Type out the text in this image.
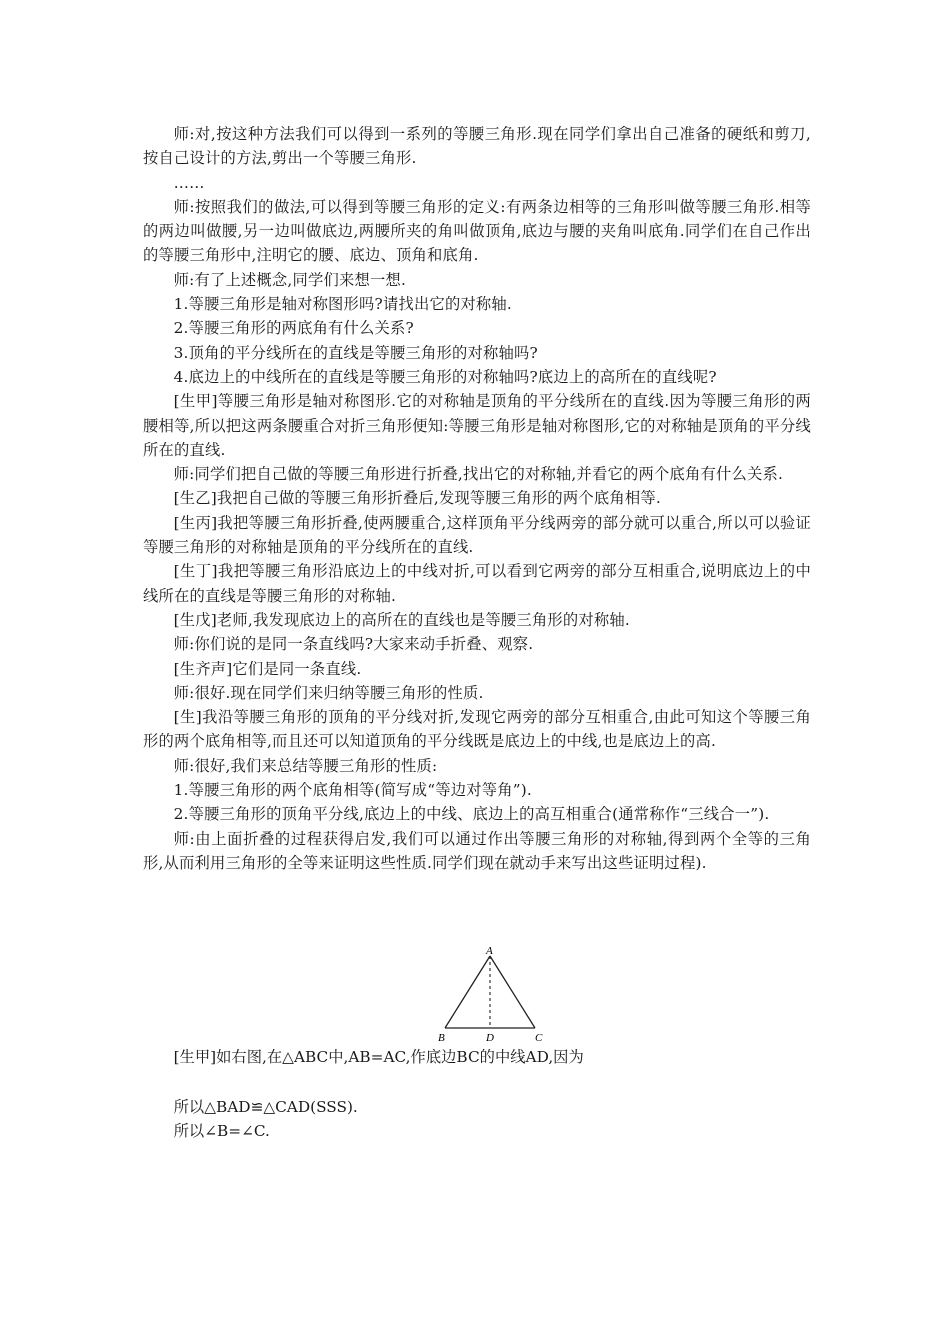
师:对,按这种方法我们可以得到一系列的等腰三角形.现在同学们拿出自己准备的硬纸和剪刀,按自己设计的方法,剪出一个等腰三角形.

……

师:按照我们的做法,可以得到等腰三角形的定义:有两条边相等的三角形叫做等腰三角形.相等的两边叫做腰,另一边叫做底边,两腰所夹的角叫做顶角,底边与腰的夹角叫底角.同学们在自己作出的等腰三角形中,注明它的腰、底边、顶角和底角.

师:有了上述概念,同学们来想一想.

1.等腰三角形是轴对称图形吗?请找出它的对称轴.

2.等腰三角形的两底角有什么关系?

3.顶角的平分线所在的直线是等腰三角形的对称轴吗?

4.底边上的中线所在的直线是等腰三角形的对称轴吗?底边上的高所在的直线呢?

[生甲]等腰三角形是轴对称图形.它的对称轴是顶角的平分线所在的直线.因为等腰三角形的两腰相等,所以把这两条腰重合对折三角形便知:等腰三角形是轴对称图形,它的对称轴是顶角的平分线所在的直线.

师:同学们把自己做的等腰三角形进行折叠,找出它的对称轴,并看它的两个底角有什么关系.

[生乙]我把自己做的等腰三角形折叠后,发现等腰三角形的两个底角相等.

[生丙]我把等腰三角形折叠,使两腰重合,这样顶角平分线两旁的部分就可以重合,所以可以验证等腰三角形的对称轴是顶角的平分线所在的直线.

[生丁]我把等腰三角形沿底边上的中线对折,可以看到它两旁的部分互相重合,说明底边上的中线所在的直线是等腰三角形的对称轴.

[生戊]老师,我发现底边上的高所在的直线也是等腰三角形的对称轴.

师:你们说的是同一条直线吗?大家来动手折叠、观察.

[生齐声]它们是同一条直线.

师:很好.现在同学们来归纳等腰三角形的性质.

[生]我沿等腰三角形的顶角的平分线对折,发现它两旁的部分互相重合,由此可知这个等腰三角形的两个底角相等,而且还可以知道顶角的平分线既是底边上的中线,也是底边上的高.

师:很好,我们来总结等腰三角形的性质:

1.等腰三角形的两个底角相等(简写成“等边对等角”).

2.等腰三角形的顶角平分线,底边上的中线、底边上的高互相重合(通常称作“三线合一”).

师:由上面折叠的过程获得启发,我们可以通过作出等腰三角形的对称轴,得到两个全等的三角形,从而利用三角形的全等来证明这些性质.同学们现在就动手来写出这些证明过程).

A
B	D	C

[生甲]如右图,在△ABC中,AB=AC,作底边BC的中线AD,因为

所以△BAD≌△CAD(SSS).

所以∠B=∠C.
